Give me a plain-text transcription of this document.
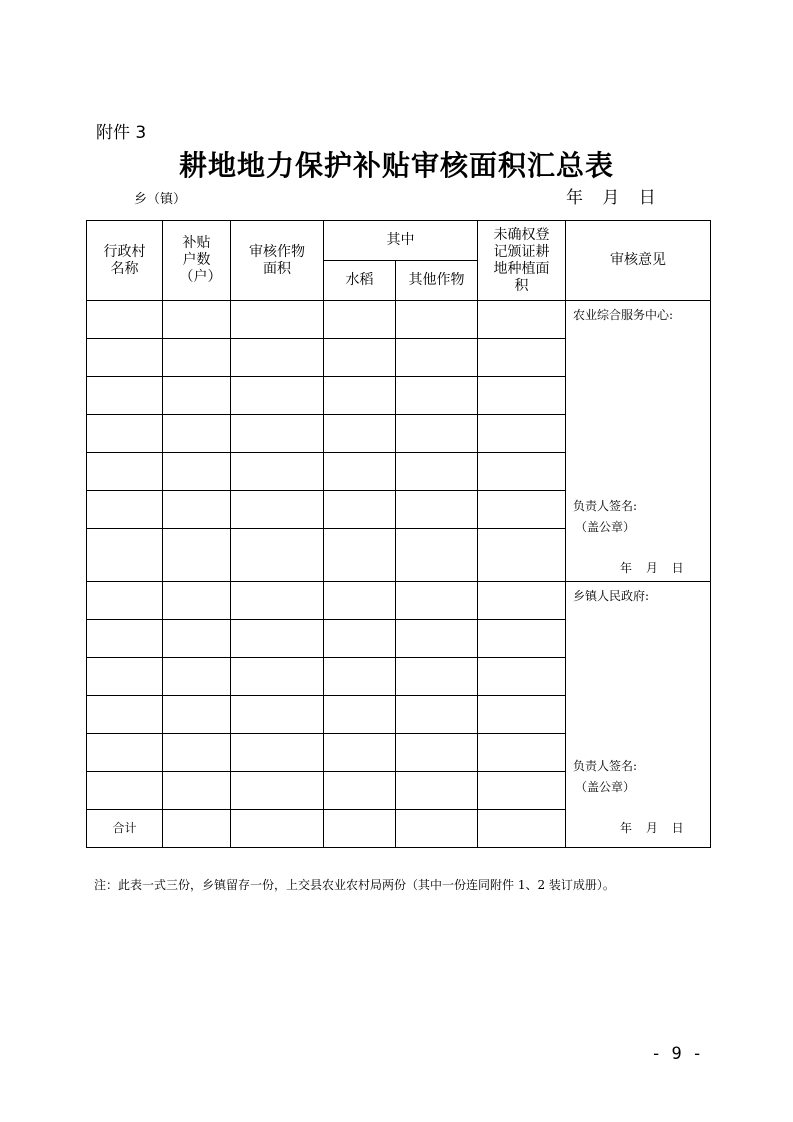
附件 3
耕地地力保护补贴审核面积汇总表
乡（镇）	年 月 日
行政村名称	补贴户数（户）	审核作物面积	其中		未确权登记颁证耕地种植面积	审核意见
			水稻	其他作物		

						农业综合服务中心:
负责人签名:
（盖公章）
年 月 日

						乡镇人民政府:
负责人签名:
（盖公章）
年 月 日

合计						
注：此表一式三份，乡镇留存一份，上交县农业农村局两份（其中一份连同附件 1、2 装订成册）。
- 9 -
